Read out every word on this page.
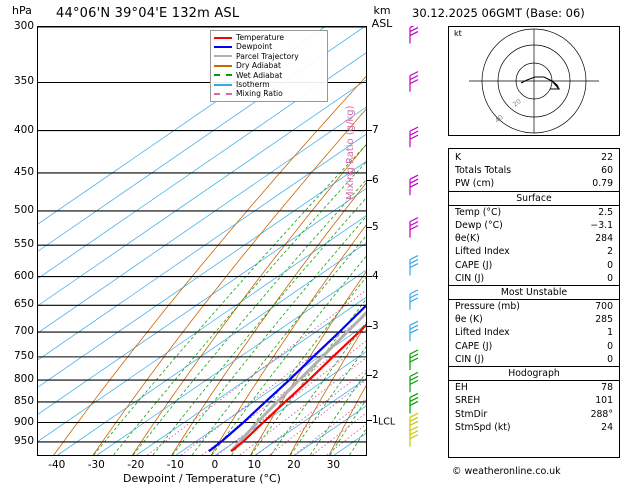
hPa 44°06'N 39°04'E 132m ASL	km
ASL
30.12.2025 06GMT (Base: 06)
300
350
400
450
500
550
600
650
700
750
800
850
900
950
7
6
5
4
3
2
1 LCL
-40 -30 -20 -10	0	10 20 30
Dewpoint / Temperature (°C)
Mixing Ratio (g/kg)
Temperature
Dewpoint
Parcel Trajectory
Dry Adiabat
Wet Adiabat
Isotherm
Mixing Ratio
20
40
kt
K	22
Totals Totals	60
PW (cm)	0.79
Surface
Temp (°C)	2.5
Dewp (°C)	−3.1
θe(K)	284
Lifted Index	2
CAPE (J)	0
CIN (J)	0
Most Unstable
Pressure (mb)	700
θe (K)	285
Lifted Index	1
CAPE (J)	0
CIN (J)	0
Hodograph
EH	78
SREH	101
StmDir	288°
StmSpd (kt)	24
© weatheronline.co.uk
